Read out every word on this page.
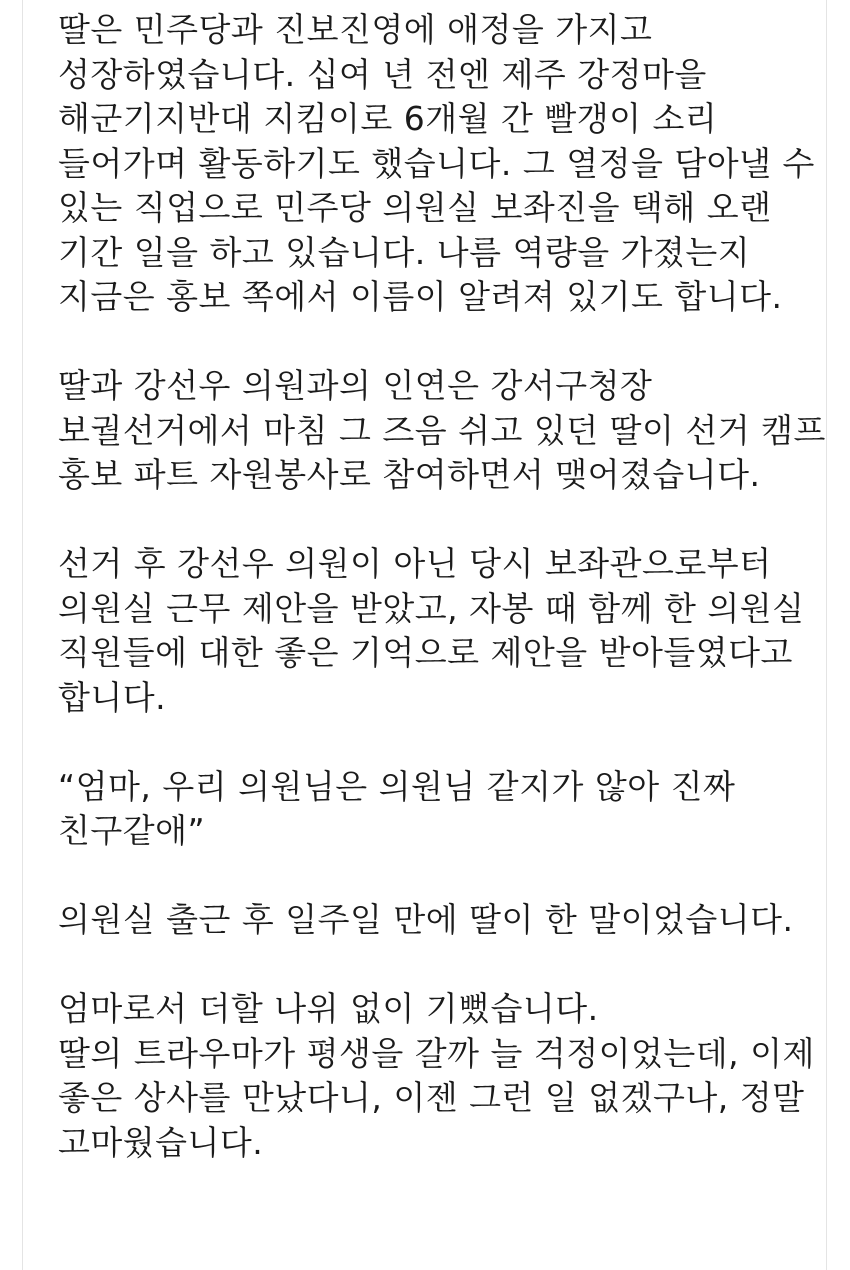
딸은 민주당과 진보진영에 애정을 가지고
성장하였습니다. 십여 년 전엔 제주 강정마을
해군기지반대 지킴이로 6개월 간 빨갱이 소리
들어가며 활동하기도 했습니다. 그 열정을 담아낼 수
있는 직업으로 민주당 의원실 보좌진을 택해 오랜
기간 일을 하고 있습니다. 나름 역량을 가졌는지
지금은 홍보 쪽에서 이름이 알려져 있기도 합니다.
딸과 강선우 의원과의 인연은 강서구청장
보궐선거에서 마침 그 즈음 쉬고 있던 딸이 선거 캠프
홍보 파트 자원봉사로 참여하면서 맺어졌습니다.
선거 후 강선우 의원이 아닌 당시 보좌관으로부터
의원실 근무 제안을 받았고, 자봉 때 함께 한 의원실
직원들에 대한 좋은 기억으로 제안을 받아들였다고
합니다.
“엄마, 우리 의원님은 의원님 같지가 않아 진짜
친구같애”
의원실 출근 후 일주일 만에 딸이 한 말이었습니다.
엄마로서 더할 나위 없이 기뻤습니다.
딸의 트라우마가 평생을 갈까 늘 걱정이었는데, 이제
좋은 상사를 만났다니, 이젠 그런 일 없겠구나, 정말
고마웠습니다.
